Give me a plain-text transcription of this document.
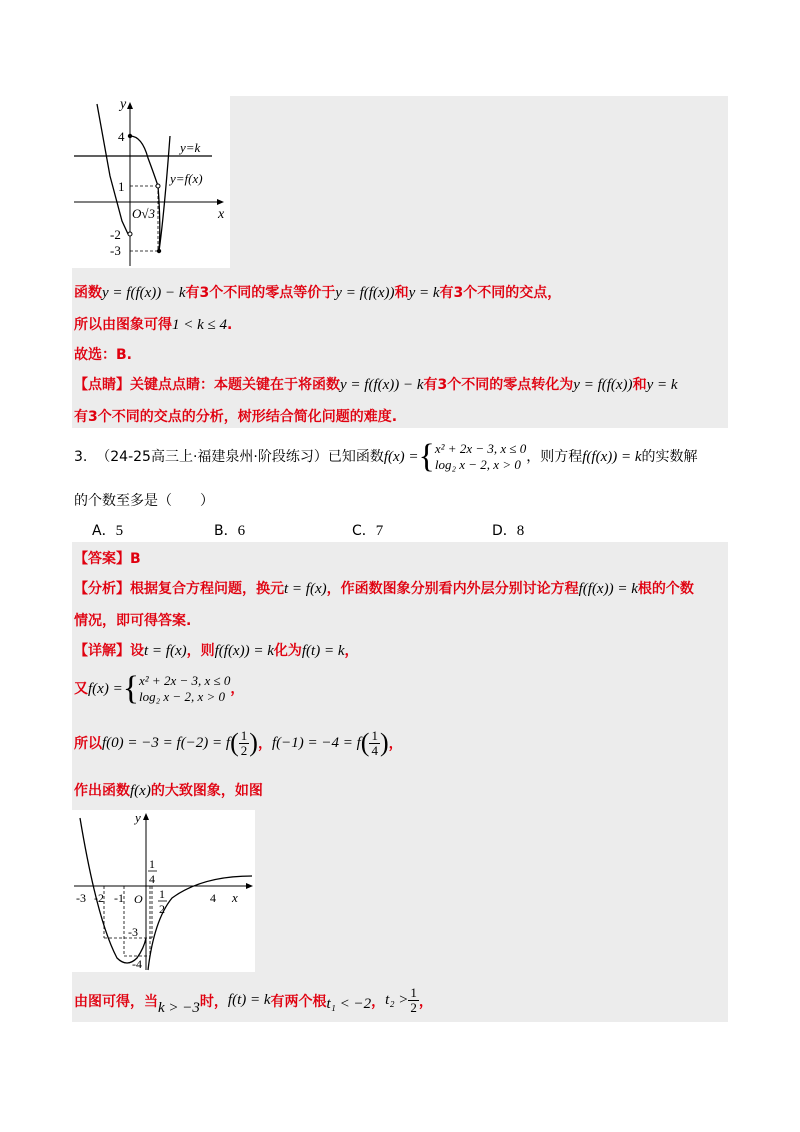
y
x
y=k
y=f(x)
4
1
-2
-3
O√3
函数y = f(f(x)) − k有3个不同的零点等价于y = f(f(x))和y = k有3个不同的交点，
所以由图象可得1 < k ≤ 4.
故选：B.
【点睛】关键点点睛：本题关键在于将函数y = f(f(x)) − k有3个不同的零点转化为y = f(f(x))和y = k
有3个不同的交点的分析，树形结合简化问题的难度.
3. （24-25高三上·福建泉州·阶段练习）已知函数f(x) ={ x² + 2x − 3, x ≤ 0
log₂ x − 2, x > 0 ，则方程f(f(x)) = k的实数解
的个数至多是（　　）
A．5	B．6	C．7	D．8
【答案】B
【分析】根据复合方程问题，换元t = f(x)，作函数图象分别看内外层分别讨论方程f(f(x)) = k根的个数
情况，即可得答案.
【详解】设t = f(x)，则f(f(x)) = k化为f(t) = k，
又f(x) ={ x² + 2x − 3, x ≤ 0
log₂ x − 2, x > 0 ，
所以$f(0) = -3 = f(-2) = f( \frac{1}{2}$ )，$f(-1) = -4 = f( \frac{1}{4}$ )，
作出函数f(x)的大致图象，如图
y
x
O
1
4
1
2
-3 -2 -1	4
-3
-4
由图可得，当k > −3时，f(t) = k有两个根t₁ < −2，$t_2 > \frac{1}{2}$ ，
